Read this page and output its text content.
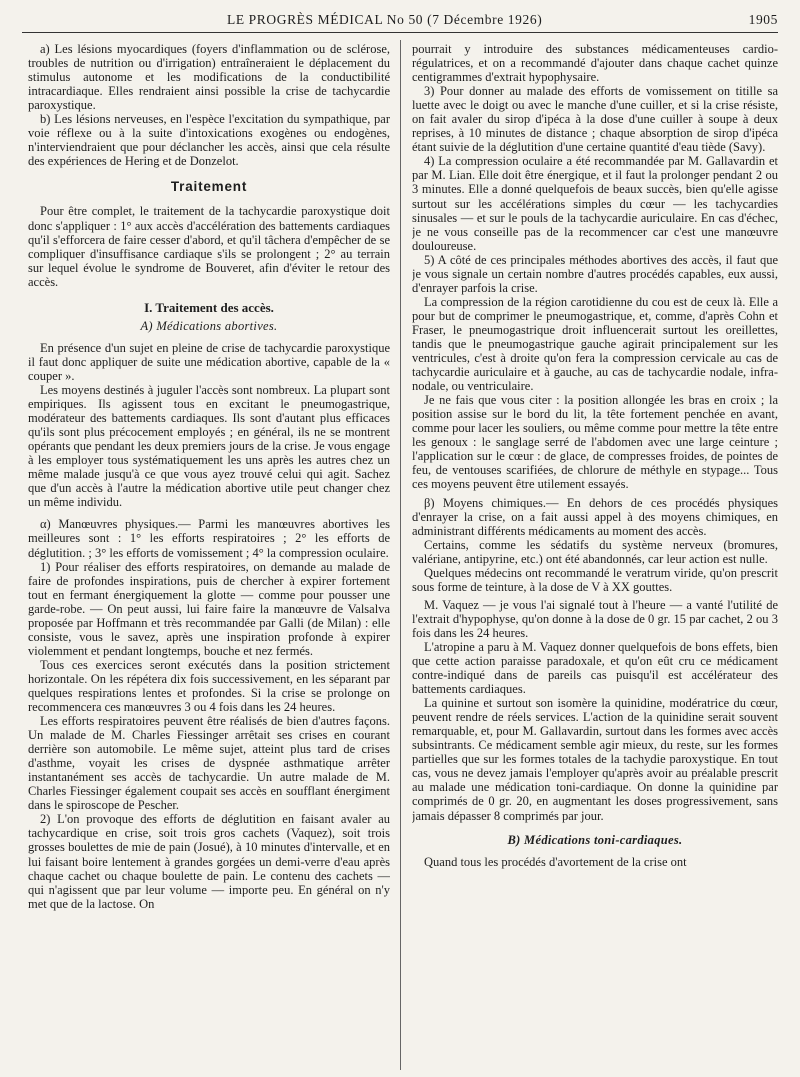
LE PROGRÈS MÉDICAL No 50 (7 Décembre 1926)	1905

a) Les lésions myocardiques (foyers d'inflammation ou de sclérose, troubles de nutrition ou d'irrigation) entraîneraient le déplacement du stimulus autonome et les modifications de la conductibilité intracardiaque. Elles rendraient ainsi possible la crise de tachycardie paroxystique.

b) Les lésions nerveuses, en l'espèce l'excitation du sympathique, par voie réflexe ou à la suite d'intoxications exogènes ou endogènes, n'interviendraient que pour déclancher les accès, ainsi que cela résulte des expériences de Hering et de Donzelot.

Traitement

Pour être complet, le traitement de la tachycardie paroxystique doit donc s'appliquer : 1° aux accès d'accélération des battements cardiaques qu'il s'efforcera de faire cesser d'abord, et qu'il tâchera d'empêcher de se compliquer d'insuffisance cardiaque s'ils se prolongent ; 2° au terrain sur lequel évolue le syndrome de Bouveret, afin d'éviter le retour des accès.

I. Traitement des accès.
A) Médications abortives.

En présence d'un sujet en pleine de crise de tachycardie paroxystique il faut donc appliquer de suite une médication abortive, capable de la « couper ».

Les moyens destinés à juguler l'accès sont nombreux. La plupart sont empiriques. Ils agissent tous en excitant le pneumogastrique, modérateur des battements cardiaques. Ils sont d'autant plus efficaces qu'ils sont plus précocement employés ; en général, ils ne se montrent opérants que pendant les deux premiers jours de la crise. Je vous engage à les employer tous systématiquement les uns après les autres chez un même malade jusqu'à ce que vous ayez trouvé celui qui agit. Sachez que d'un accès à l'autre la médication abortive utile peut changer chez un même individu.

α) Manœuvres physiques.— Parmi les manœuvres abortives les meilleures sont : 1° les efforts respiratoires ; 2° les efforts de déglutition. ; 3° les efforts de vomissement ; 4° la compression oculaire.

1) Pour réaliser des efforts respiratoires, on demande au malade de faire de profondes inspirations, puis de chercher à expirer fortement tout en fermant énergiquement la glotte — comme pour pousser une garde-robe. — On peut aussi, lui faire faire la manœuvre de Valsalva proposée par Hoffmann et très recommandée par Galli (de Milan) : elle consiste, vous le savez, après une inspiration profonde à expirer violemment et pendant longtemps, bouche et nez fermés.

Tous ces exercices seront exécutés dans la position strictement horizontale. On les répétera dix fois successivement, en les séparant par quelques respirations lentes et profondes. Si la crise se prolonge on recommencera ces manœuvres 3 ou 4 fois dans les 24 heures.

Les efforts respiratoires peuvent être réalisés de bien d'autres façons. Un malade de M. Charles Fiessinger arrêtait ses crises en courant derrière son automobile. Le même sujet, atteint plus tard de crises d'asthme, voyait les crises de dyspnée asthmatique arrêter instantanément ses accès de tachycardie. Un autre malade de M. Charles Fiessinger également coupait ses accès en soufflant énergiment dans le spiroscope de Pescher.

2) L'on provoque des efforts de déglutition en faisant avaler au tachycardique en crise, soit trois gros cachets (Vaquez), soit trois grosses boulettes de mie de pain (Josué), à 10 minutes d'intervalle, et en lui faisant boire lentement à grandes gorgées un demi-verre d'eau après chaque cachet ou chaque boulette de pain. Le contenu des cachets — qui n'agissent que par leur volume — importe peu. En général on n'y met que de la lactose. On

pourrait y introduire des substances médicamenteuses cardio-régulatrices, et on a recommandé d'ajouter dans chaque cachet quinze centigrammes d'extrait hypophysaire.

3) Pour donner au malade des efforts de vomissement on titille sa luette avec le doigt ou avec le manche d'une cuiller, et si la crise résiste, on fait avaler du sirop d'ipéca à la dose d'une cuiller à soupe à deux reprises, à 10 minutes de distance ; chaque absorption de sirop d'ipéca étant suivie de la déglutition d'une certaine quantité d'eau tiède (Savy).

4) La compression oculaire a été recommandée par M. Gallavardin et par M. Lian. Elle doit être énergique, et il faut la prolonger pendant 2 ou 3 minutes. Elle a donné quelquefois de beaux succès, bien qu'elle agisse surtout sur les accélérations simples du cœur — les tachycardies sinusales — et sur le pouls de la tachycardie auriculaire. En cas d'échec, je ne vous conseille pas de la recommencer car c'est une manœuvre douloureuse.

5) A côté de ces principales méthodes abortives des accès, il faut que je vous signale un certain nombre d'autres procédés capables, eux aussi, d'enrayer parfois la crise.

La compression de la région carotidienne du cou est de ceux là. Elle a pour but de comprimer le pneumogastrique, et, comme, d'après Cohn et Fraser, le pneumogastrique droit influencerait surtout les oreillettes, tandis que le pneumogastrique gauche agirait principalement sur les ventricules, c'est à droite qu'on fera la compression cervicale au cas de tachycardie auriculaire et à gauche, au cas de tachycardie nodale, infra-nodale, ou ventriculaire.

Je ne fais que vous citer : la position allongée les bras en croix ; la position assise sur le bord du lit, la tête fortement penchée en avant, comme pour lacer les souliers, ou même comme pour mettre la tête entre les genoux : le sanglage serré de l'abdomen avec une large ceinture ; l'application sur le cœur : de glace, de compresses froides, de pointes de feu, de ventouses scarifiées, de chlorure de méthyle en stypage... Tous ces moyens peuvent être utilement essayés.

β) Moyens chimiques.— En dehors de ces procédés physiques d'enrayer la crise, on a fait aussi appel à des moyens chimiques, en administrant différents médicaments au moment des accès.

Certains, comme les sédatifs du système nerveux (bromures, valériane, antipyrine, etc.) ont été abandonnés, car leur action est nulle.

Quelques médecins ont recommandé le veratrum viride, qu'on prescrit sous forme de teinture, à la dose de V à XX gouttes.

M. Vaquez — je vous l'ai signalé tout à l'heure — a vanté l'utilité de l'extrait d'hypophyse, qu'on donne à la dose de 0 gr. 15 par cachet, 2 ou 3 fois dans les 24 heures.

L'atropine a paru à M. Vaquez donner quelquefois de bons effets, bien que cette action paraisse paradoxale, et qu'on eût cru ce médicament contre-indiqué dans de pareils cas puisqu'il est accélérateur des battements cardiaques.

La quinine et surtout son isomère la quinidine, modératrice du cœur, peuvent rendre de réels services. L'action de la quinidine serait souvent remarquable, et, pour M. Gallavardin, surtout dans les formes avec accès subsintrants. Ce médicament semble agir mieux, du reste, sur les formes partielles que sur les formes totales de la tachydie paroxystique. En tout cas, vous ne devez jamais l'employer qu'après avoir au préalable prescrit au malade une médication toni-cardiaque. On donne la quinidine par comprimés de 0 gr. 20, en augmentant les doses progressivement, sans jamais dépasser 8 comprimés par jour.

B) Médications toni-cardiaques.

Quand tous les procédés d'avortement de la crise ont
